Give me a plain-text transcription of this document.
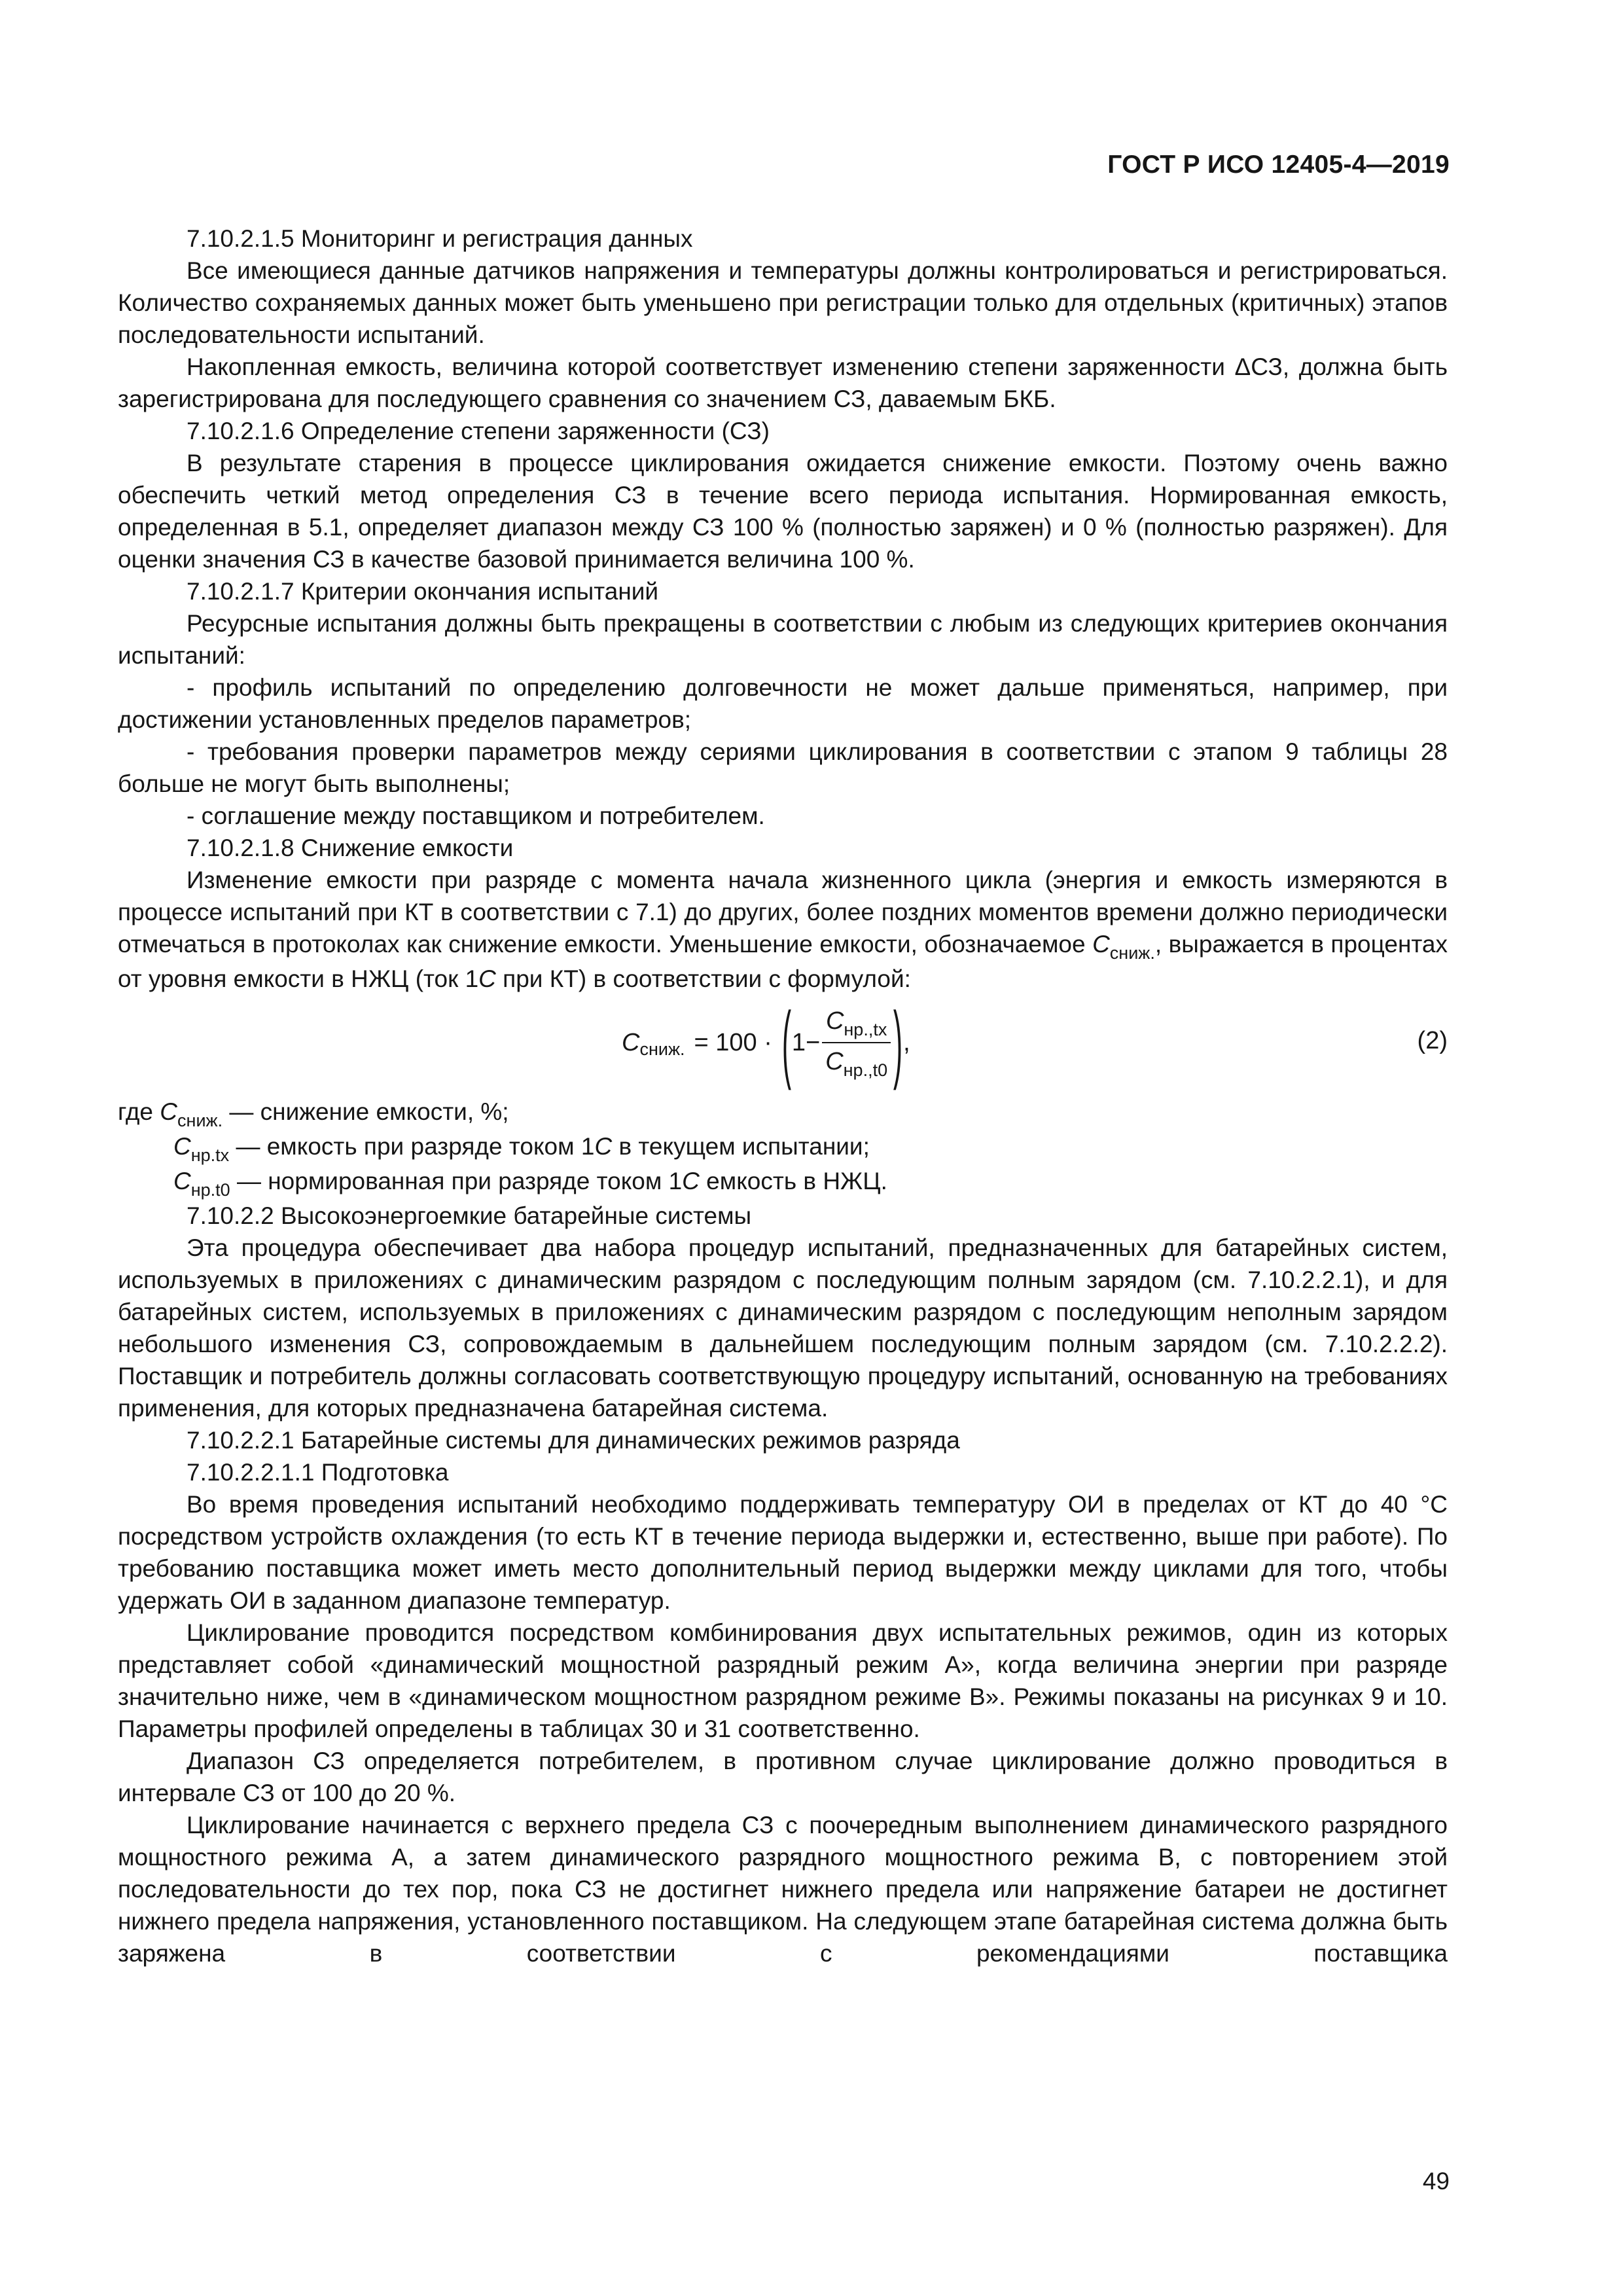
ГОСТ Р ИСО 12405-4—2019

7.10.2.1.5 Мониторинг и регистрация данных

Все имеющиеся данные датчиков напряжения и температуры должны контролироваться и регистрироваться. Количество сохраняемых данных может быть уменьшено при регистрации только для отдельных (критичных) этапов последовательности испытаний.

Накопленная емкость, величина которой соответствует изменению степени заряженности ΔСЗ, должна быть зарегистрирована для последующего сравнения со значением СЗ, даваемым БКБ.

7.10.2.1.6 Определение степени заряженности (СЗ)

В результате старения в процессе циклирования ожидается снижение емкости. Поэтому очень важно обеспечить четкий метод определения СЗ в течение всего периода испытания. Нормированная емкость, определенная в 5.1, определяет диапазон между СЗ 100 % (полностью заряжен) и 0 % (полностью разряжен). Для оценки значения СЗ в качестве базовой принимается величина 100 %.

7.10.2.1.7 Критерии окончания испытаний

Ресурсные испытания должны быть прекращены в соответствии с любым из следующих критериев окончания испытаний:

- профиль испытаний по определению долговечности не может дальше применяться, например, при достижении установленных пределов параметров;

- требования проверки параметров между сериями циклирования в соответствии с этапом 9 таблицы 28 больше не могут быть выполнены;

- соглашение между поставщиком и потребителем.

7.10.2.1.8 Снижение емкости

Изменение емкости при разряде с момента начала жизненного цикла (энергия и емкость измеряются в процессе испытаний при КТ в соответствии с 7.1) до других, более поздних моментов времени должно периодически отмечаться в протоколах как снижение емкости. Уменьшение емкости, обозначаемое $C_{сниж.}$, выражается в процентах от уровня емкости в НЖЦ (ток 1C при КТ) в соответствии с формулой:

C сниж. = 100 · ( $1- \frac{C_{нр.,tx}}{C_{нр.,t0}}$ ) ,	(2)
где $C_{сниж.}$ — снижение емкости, %;
$C_{нр.tx}$ — емкость при разряде током 1C в текущем испытании;
$C_{нр.t0}$ — нормированная при разряде током 1C емкость в НЖЦ.

7.10.2.2 Высокоэнергоемкие батарейные системы

Эта процедура обеспечивает два набора процедур испытаний, предназначенных для батарейных систем, используемых в приложениях с динамическим разрядом с последующим полным зарядом (см. 7.10.2.2.1), и для батарейных систем, используемых в приложениях с динамическим разрядом с последующим неполным зарядом небольшого изменения СЗ, сопровождаемым в дальнейшем последующим полным зарядом (см. 7.10.2.2.2). Поставщик и потребитель должны согласовать соответствующую процедуру испытаний, основанную на требованиях применения, для которых предназначена батарейная система.

7.10.2.2.1 Батарейные системы для динамических режимов разряда

7.10.2.2.1.1 Подготовка

Во время проведения испытаний необходимо поддерживать температуру ОИ в пределах от КТ до 40 °С посредством устройств охлаждения (то есть КТ в течение периода выдержки и, естественно, выше при работе). По требованию поставщика может иметь место дополнительный период выдержки между циклами для того, чтобы удержать ОИ в заданном диапазоне температур.

Циклирование проводится посредством комбинирования двух испытательных режимов, один из которых представляет собой «динамический мощностной разрядный режим А», когда величина энергии при разряде значительно ниже, чем в «динамическом мощностном разрядном режиме В». Режимы показаны на рисунках 9 и 10. Параметры профилей определены в таблицах 30 и 31 соответственно.

Диапазон СЗ определяется потребителем, в противном случае циклирование должно проводиться в интервале СЗ от 100 до 20 %.

Циклирование начинается с верхнего предела СЗ с поочередным выполнением динамического разрядного мощностного режима А, а затем динамического разрядного мощностного режима В, с повторением этой последовательности до тех пор, пока СЗ не достигнет нижнего предела или напряжение батареи не достигнет нижнего предела напряжения, установленного поставщиком. На следующем этапе батарейная система должна быть заряжена в соответствии с рекомендациями поставщика

49
